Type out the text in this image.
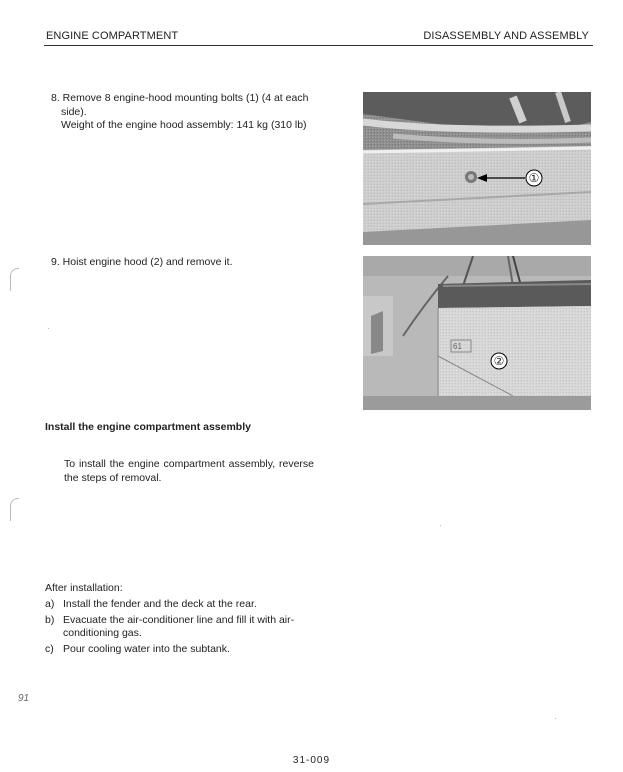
ENGINE COMPARTMENT	DISASSEMBLY AND ASSEMBLY
8. Remove 8 engine-hood mounting bolts (1) (4 at each side).
Weight of the engine hood assembly: 141 kg (310 lb)
①
9. Hoist engine hood (2) and remove it.
61
②
Install the engine compartment assembly
To install the engine compartment assembly, reverse the steps of removal.
After installation:
a) Install the fender and the deck at the rear.
b) Evacuate the air-conditioner line and fill it with air-conditioning gas.
c) Pour cooling water into the subtank.
91
31-009
